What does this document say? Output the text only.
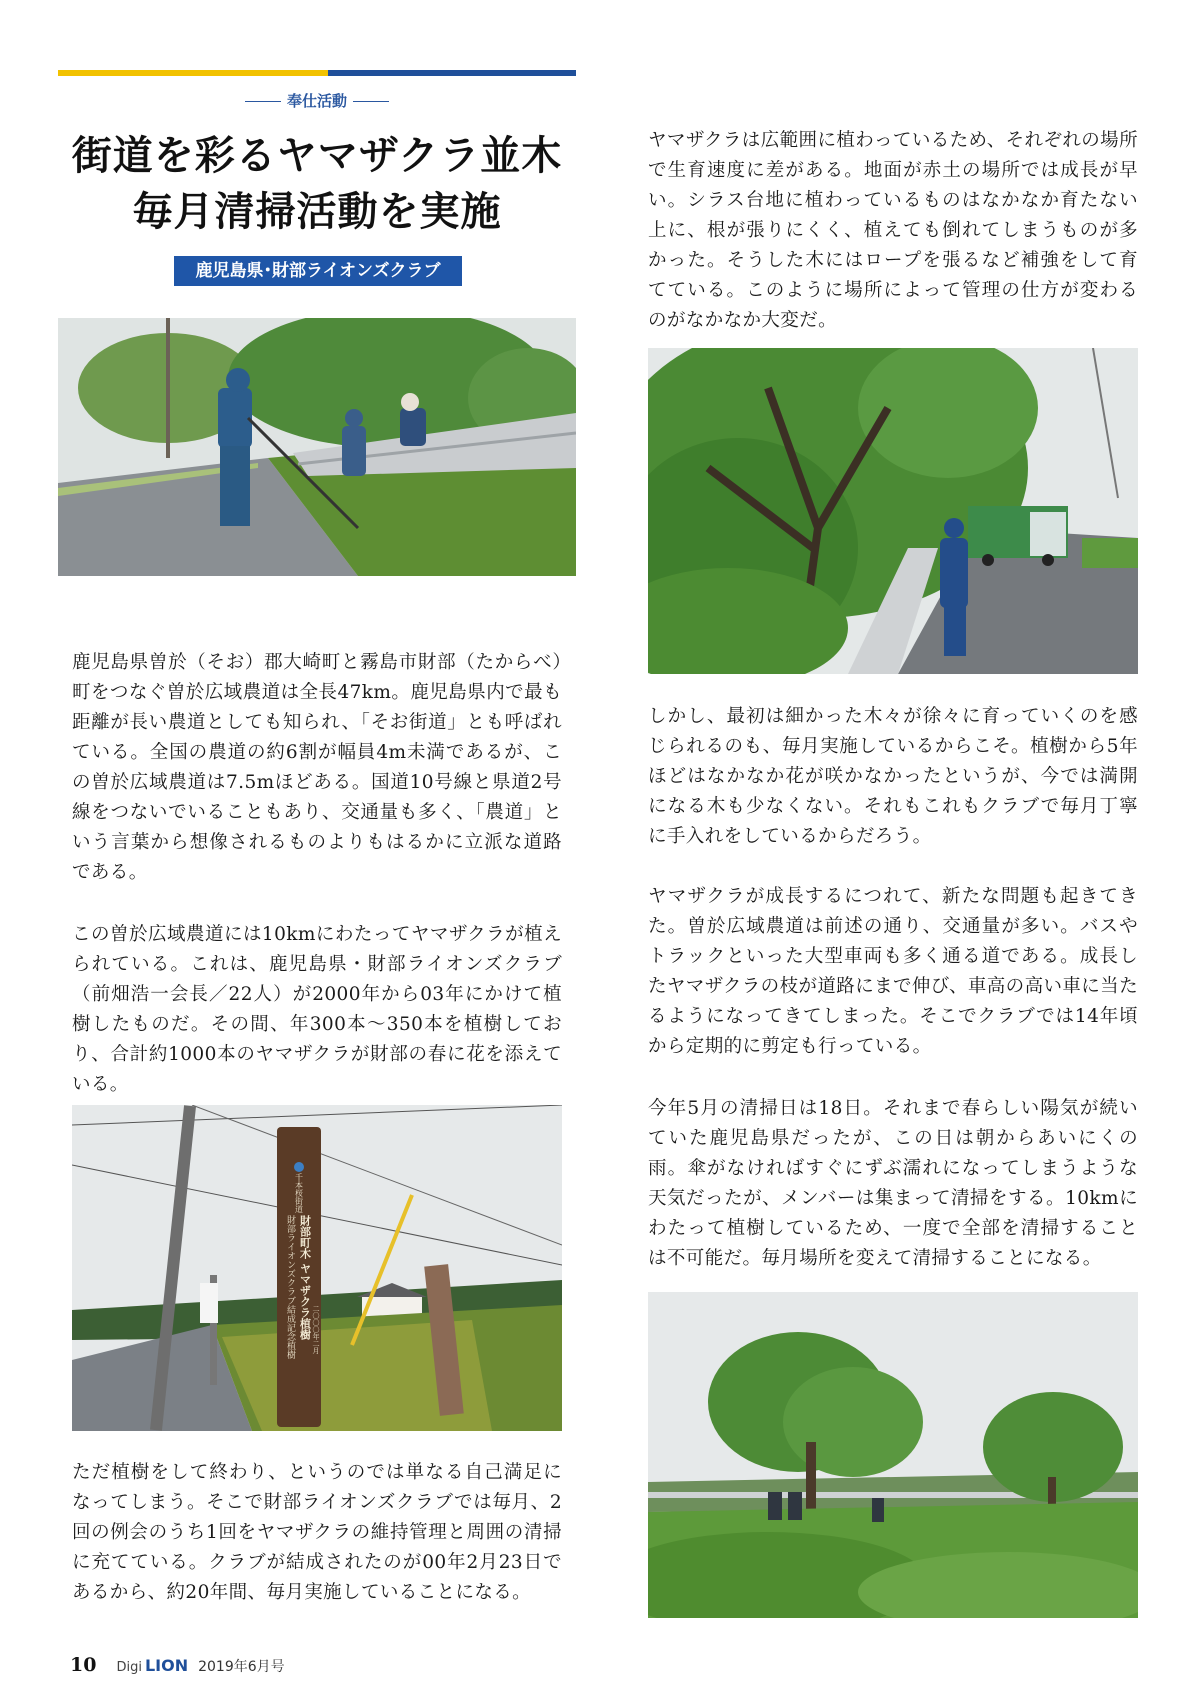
奉仕活動
街道を彩るヤマザクラ並木
毎月清掃活動を実施
鹿児島県･財部ライオンズクラブ
鹿児島県曽於（そお）郡大崎町と霧島市財部（たからべ）町をつなぐ曽於広域農道は全長47km。鹿児島県内で最も距離が長い農道としても知られ、「そお街道」とも呼ばれている。全国の農道の約6割が幅員4m未満であるが、この曽於広域農道は7.5mほどある。国道10号線と県道2号線をつないでいることもあり、交通量も多く、「農道」という言葉から想像されるものよりもはるかに立派な道路である。
この曽於広域農道には10kmにわたってヤマザクラが植えられている。これは、鹿児島県・財部ライオンズクラブ（前畑浩一会長／22人）が2000年から03年にかけて植樹したものだ。その間、年300本〜350本を植樹しており、合計約1000本のヤマザクラが財部の春に花を添えている。
千本桜街道
財部ライオンズクラブ結成記念植樹 財部町木 ヤマザクラ植樹 二〇〇〇年二月
ただ植樹をして終わり、というのでは単なる自己満足になってしまう。そこで財部ライオンズクラブでは毎月、2回の例会のうち1回をヤマザクラの維持管理と周囲の清掃に充てている。クラブが結成されたのが00年2月23日であるから、約20年間、毎月実施していることになる。
ヤマザクラは広範囲に植わっているため、それぞれの場所で生育速度に差がある。地面が赤土の場所では成長が早い。シラス台地に植わっているものはなかなか育たない上に、根が張りにくく、植えても倒れてしまうものが多かった。そうした木にはロープを張るなど補強をして育てている。このように場所によって管理の仕方が変わるのがなかなか大変だ。
しかし、最初は細かった木々が徐々に育っていくのを感じられるのも、毎月実施しているからこそ。植樹から5年ほどはなかなか花が咲かなかったというが、今では満開になる木も少なくない。それもこれもクラブで毎月丁寧に手入れをしているからだろう。
ヤマザクラが成長するにつれて、新たな問題も起きてきた。曽於広域農道は前述の通り、交通量が多い。バスやトラックといった大型車両も多く通る道である。成長したヤマザクラの枝が道路にまで伸び、車高の高い車に当たるようになってきてしまった。そこでクラブでは14年頃から定期的に剪定も行っている。
今年5月の清掃日は18日。それまで春らしい陽気が続いていた鹿児島県だったが、この日は朝からあいにくの雨。傘がなければすぐにずぶ濡れになってしまうような天気だったが、メンバーは集まって清掃をする。10kmにわたって植樹しているため、一度で全部を清掃することは不可能だ。毎月場所を変えて清掃することになる。
10 Digi LION 2019年6月号
